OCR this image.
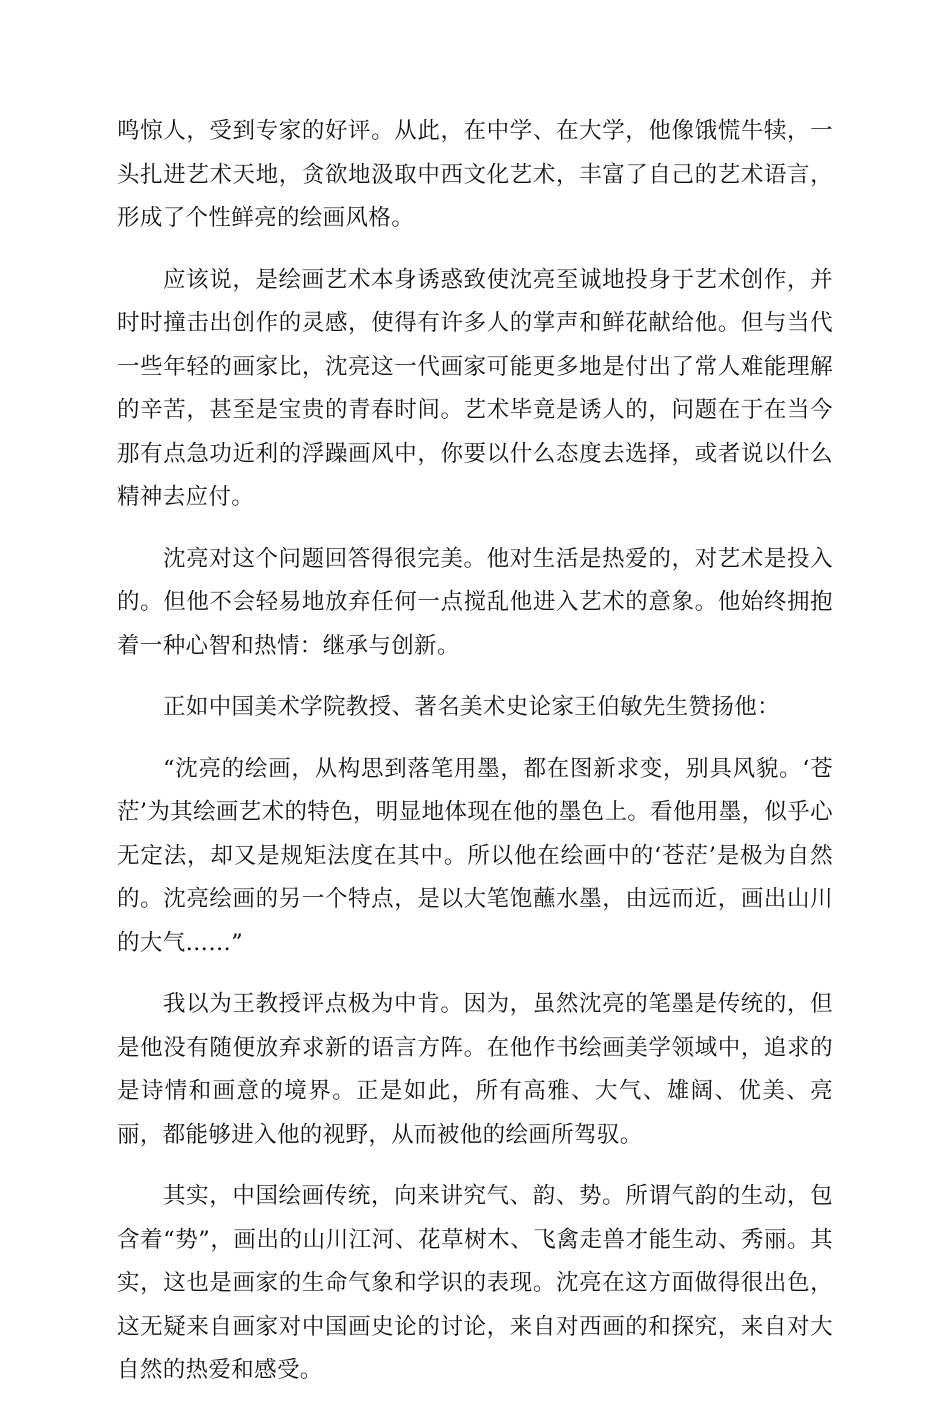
鸣惊人，受到专家的好评。从此，在中学、在大学，他像饿慌牛犊，一头扎进艺术天地，贪欲地汲取中西文化艺术，丰富了自己的艺术语言，形成了个性鲜亮的绘画风格。

应该说，是绘画艺术本身诱惑致使沈亮至诚地投身于艺术创作，并时时撞击出创作的灵感，使得有许多人的掌声和鲜花献给他。但与当代一些年轻的画家比，沈亮这一代画家可能更多地是付出了常人难能理解的辛苦，甚至是宝贵的青春时间。艺术毕竟是诱人的，问题在于在当今那有点急功近利的浮躁画风中，你要以什么态度去选择，或者说以什么精神去应付。

沈亮对这个问题回答得很完美。他对生活是热爱的，对艺术是投入的。但他不会轻易地放弃任何一点搅乱他进入艺术的意象。他始终拥抱着一种心智和热情：继承与创新。

正如中国美术学院教授、著名美术史论家王伯敏先生赞扬他：

“沈亮的绘画，从构思到落笔用墨，都在图新求变，别具风貌。‘苍茫’为其绘画艺术的特色，明显地体现在他的墨色上。看他用墨，似乎心无定法，却又是规矩法度在其中。所以他在绘画中的‘苍茫’是极为自然的。沈亮绘画的另一个特点，是以大笔饱蘸水墨，由远而近，画出山川的大气……”

我以为王教授评点极为中肯。因为，虽然沈亮的笔墨是传统的，但是他没有随便放弃求新的语言方阵。在他作书绘画美学领域中，追求的是诗情和画意的境界。正是如此，所有高雅、大气、雄阔、优美、亮丽，都能够进入他的视野，从而被他的绘画所驾驭。

其实，中国绘画传统，向来讲究气、韵、势。所谓气韵的生动，包含着“势”，画出的山川江河、花草树木、飞禽走兽才能生动、秀丽。其实，这也是画家的生命气象和学识的表现。沈亮在这方面做得很出色，这无疑来自画家对中国画史论的讨论，来自对西画的和探究，来自对大自然的热爱和感受。
